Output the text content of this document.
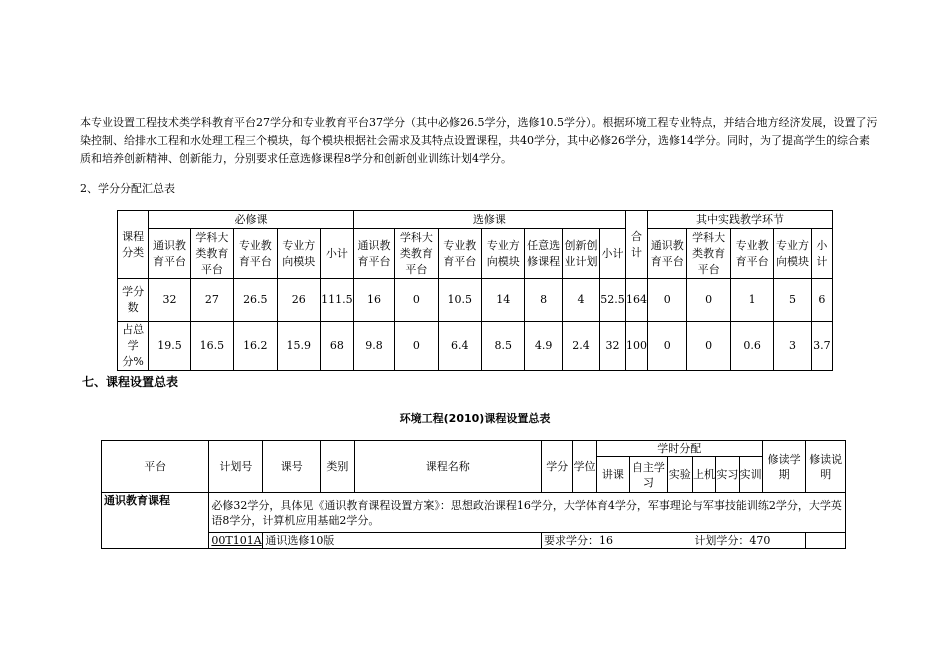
本专业设置工程技术类学科教育平台27学分和专业教育平台37学分（其中必修26.5学分，选修10.5学分）。根据环境工程专业特点，并结合地方经济发展，设置了污染控制、给排水工程和水处理工程三个模块，每个模块根据社会需求及其特点设置课程，共40学分，其中必修26学分，选修14学分。同时，为了提高学生的综合素质和培养创新精神、创新能力，分别要求任意选修课程8学分和创新创业训练计划4学分。
2、学分分配汇总表
课程分类	必修课					选修课							合计	其中实践教学环节				
	通识教育平台	学科大类教育平台	专业教育平台	专业方向模块	小计	通识教育平台	学科大类教育平台	专业教育平台	专业方向模块	任意选修课程	创新创业计划	小计		通识教育平台	学科大类教育平台	专业教育平台	专业方向模块	小计
学分数	32	27	26.5	26	111.5	16	0	10.5	14	8	4	52.5	164	0	0	1	5	6
占总学分%	19.5	16.5	16.2	15.9	68	9.8	0	6.4	8.5	4.9	2.4	32	100	0	0	0.6	3	3.7
七、课程设置总表
环境工程(2010)课程设置总表
平台	计划号	课号	类别	课程名称	学分	学位	学时分配						修读学期	修读说明
							讲课	自主学习	实验	上机	实习	实训		
通识教育课程	必修32学分，具体见《通识教育课程设置方案》：思想政治课程16学分，大学体育4学分，军事理论与军事技能训练2学分，大学英语8学分，计算机应用基础2学分。													
	00T101A	通识选修10版			要求学分：16					计划学分：470				
